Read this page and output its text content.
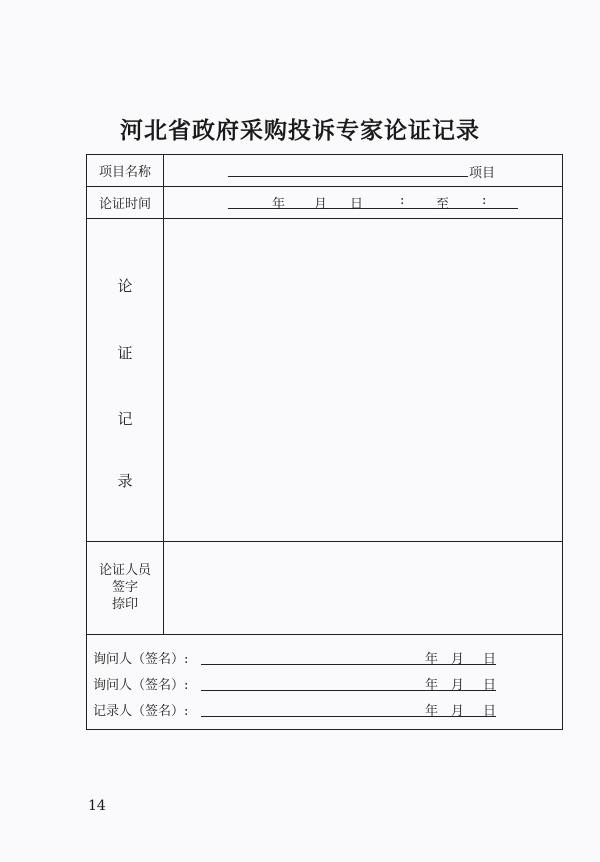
河北省政府采购投诉专家论证记录
项目名称	项目
论证时间	年 月 日	: 至	:
论
证
记
录
论证人员
签字
捺印
询问人（签名）:	年 月 日
询问人（签名）:	年 月 日
记录人（签名）:	年 月 日
14
